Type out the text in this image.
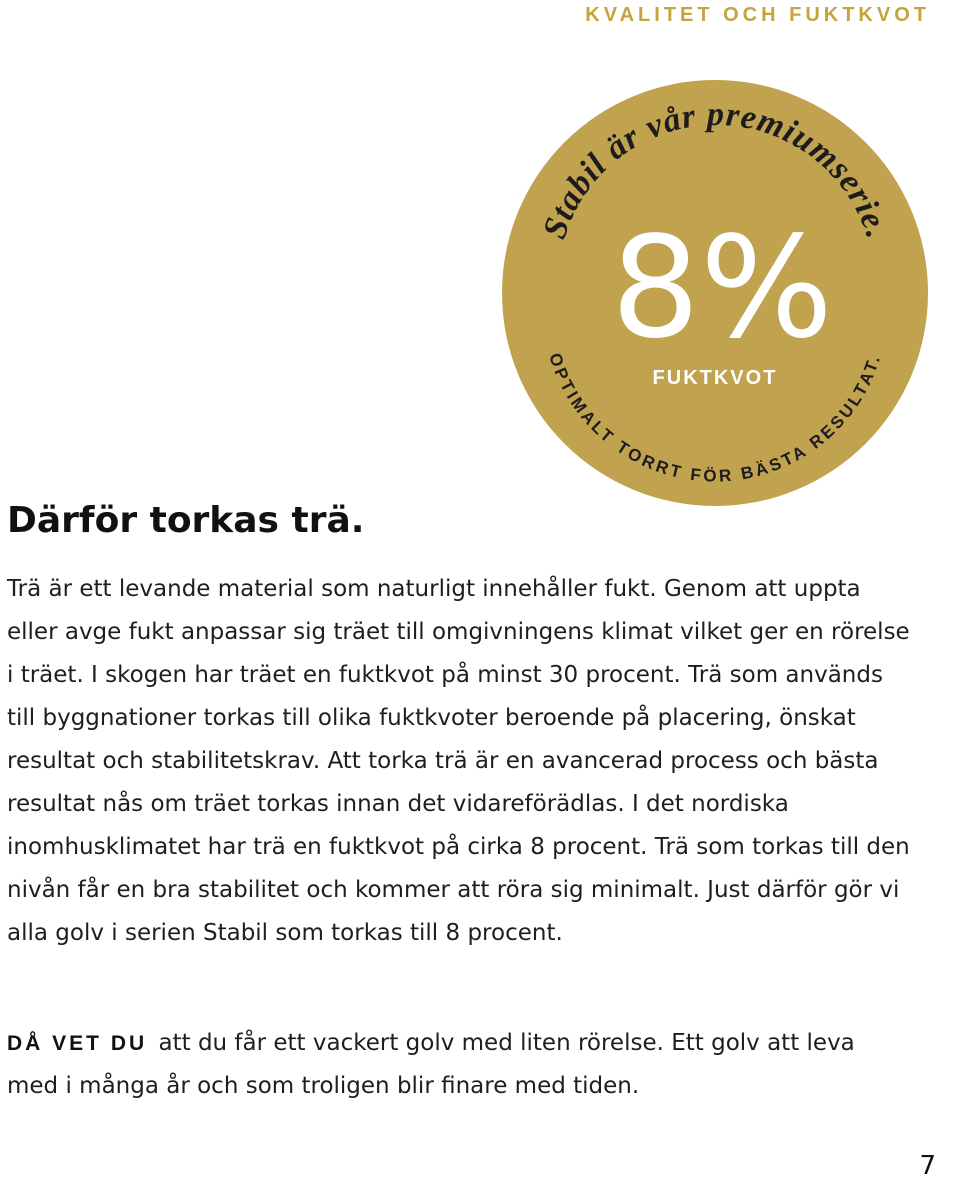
KVALITET OCH FUKTKVOT

Stabil är vår premiumserie.
8%
FUKTKVOT
OPTIMALT TORRT FÖR BÄSTA RESULTAT.
Därför torkas trä.

Trä är ett levande material som naturligt innehåller fukt. Genom att uppta eller avge fukt anpassar sig träet till omgivningens klimat vilket ger en rörelse i träet. I skogen har träet en fuktkvot på minst 30 procent. Trä som används till byggnationer torkas till olika fuktkvoter beroende på placering, önskat resultat och stabilitetskrav. Att torka trä är en avancerad process och bästa resultat nås om träet torkas innan det vidareförädlas. I det nordiska inomhusklimatet har trä en fuktkvot på cirka 8 procent. Trä som torkas till den nivån får en bra stabilitet och kommer att röra sig minimalt. Just därför gör vi alla golv i serien Stabil som torkas till 8 procent.

DÅ VET DU att du får ett vackert golv med liten rörelse. Ett golv att leva med i många år och som troligen blir finare med tiden.

7
